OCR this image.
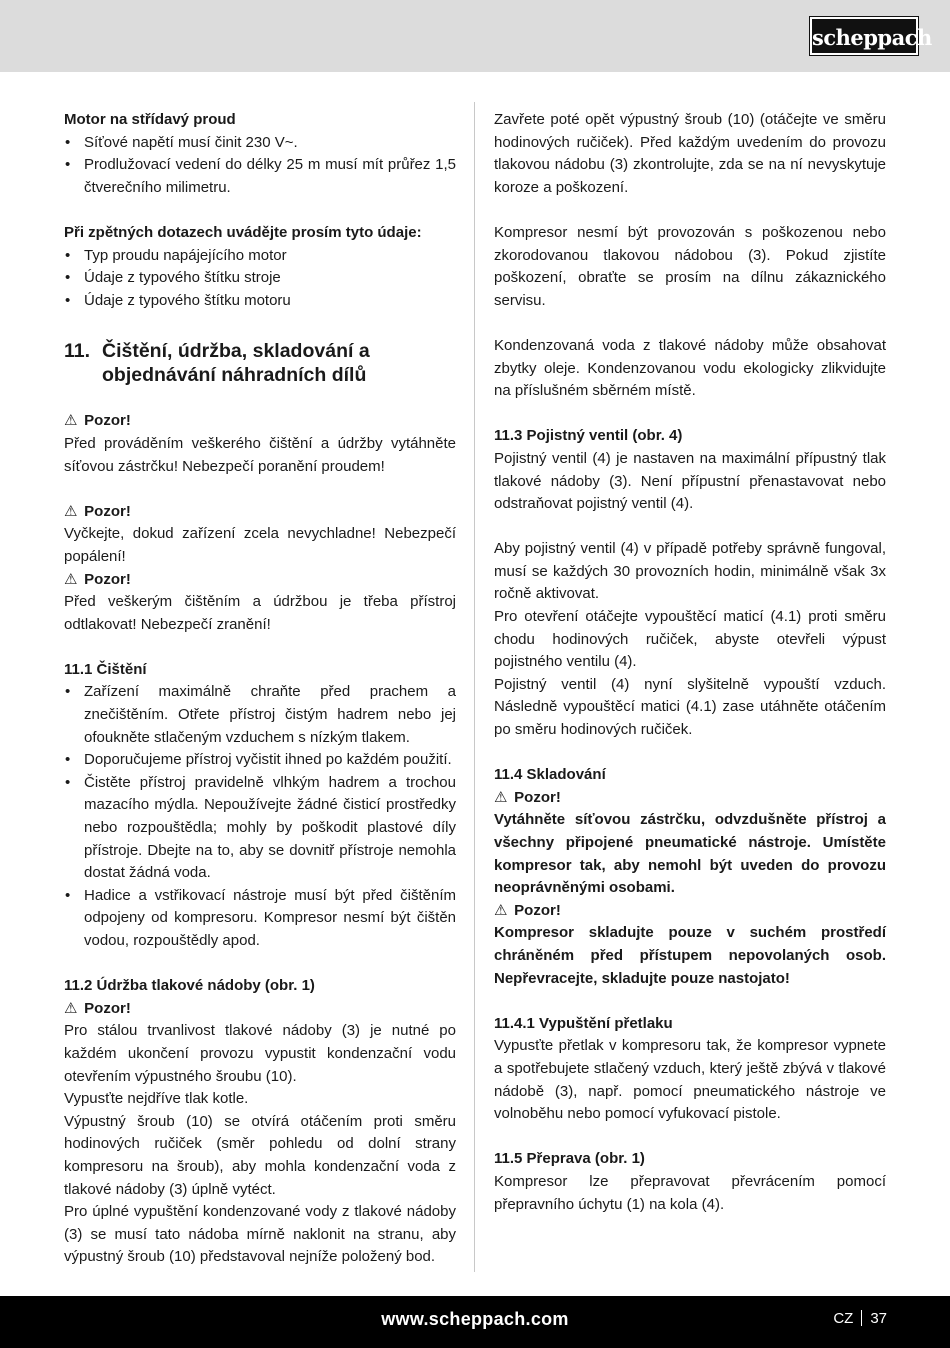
scheppach

Motor na střídavý proud

• Síťové napětí musí činit 230 V~.
• Prodlužovací vedení do délky 25 m musí mít průřez 1,5 čtverečního milimetru.

Při zpětných dotazech uvádějte prosím tyto údaje:

• Typ proudu napájejícího motor
• Údaje z typového štítku stroje
• Údaje z typového štítku motoru
11. Čištění, údržba, skladování a objednávání náhradních dílů

⚠ Pozor!

Před prováděním veškerého čištění a údržby vytáhněte síťovou zástrčku! Nebezpečí poranění proudem!

⚠ Pozor!

Vyčkejte, dokud zařízení zcela nevychladne! Nebezpečí popálení!

⚠ Pozor!

Před veškerým čištěním a údržbou je třeba přístroj odtlakovat! Nebezpečí zranění!

11.1 Čištění

• Zařízení maximálně chraňte před prachem a znečištěním. Otřete přístroj čistým hadrem nebo jej ofoukněte stlačeným vzduchem s nízkým tlakem.
• Doporučujeme přístroj vyčistit ihned po každém použití.
• Čistěte přístroj pravidelně vlhkým hadrem a trochou mazacího mýdla. Nepoužívejte žádné čisticí prostředky nebo rozpouštědla; mohly by poškodit plastové díly přístroje. Dbejte na to, aby se dovnitř přístroje nemohla dostat žádná voda.
• Hadice a vstřikovací nástroje musí být před čištěním odpojeny od kompresoru. Kompresor nesmí být čištěn vodou, rozpouštědly apod.

11.2 Údržba tlakové nádoby (obr. 1)

⚠ Pozor!

Pro stálou trvanlivost tlakové nádoby (3) je nutné po každém ukončení provozu vypustit kondenzační vodu otevřením výpustného šroubu (10).

Vypusťte nejdříve tlak kotle.

Výpustný šroub (10) se otvírá otáčením proti směru hodinových ručiček (směr pohledu od dolní strany kompresoru na šroub), aby mohla kondenzační voda z tlakové nádoby (3) úplně vytéct.

Pro úplné vypuštění kondenzované vody z tlakové nádoby (3) se musí tato nádoba mírně naklonit na stranu, aby výpustný šroub (10) představoval nejníže položený bod.

Zavřete poté opět výpustný šroub (10) (otáčejte ve směru hodinových ručiček). Před každým uvedením do provozu tlakovou nádobu (3) zkontrolujte, zda se na ní nevyskytuje koroze a poškození.

Kompresor nesmí být provozován s poškozenou nebo zkorodovanou tlakovou nádobou (3). Pokud zjistíte poškození, obraťte se prosím na dílnu zákaznického servisu.

Kondenzovaná voda z tlakové nádoby může obsahovat zbytky oleje. Kondenzovanou vodu ekologicky zlikvidujte na příslušném sběrném místě.

11.3 Pojistný ventil (obr. 4)

Pojistný ventil (4) je nastaven na maximální přípustný tlak tlakové nádoby (3). Není přípustní přenastavovat nebo odstraňovat pojistný ventil (4).

Aby pojistný ventil (4) v případě potřeby správně fungoval, musí se každých 30 provozních hodin, minimálně však 3x ročně aktivovat.

Pro otevření otáčejte vypouštěcí maticí (4.1) proti směru chodu hodinových ručiček, abyste otevřeli výpust pojistného ventilu (4).

Pojistný ventil (4) nyní slyšitelně vypouští vzduch. Následně vypouštěcí matici (4.1) zase utáhněte otáčením po směru hodinových ručiček.

11.4 Skladování

⚠ Pozor!

Vytáhněte síťovou zástrčku, odvzdušněte přístroj a všechny připojené pneumatické nástroje. Umístěte kompresor tak, aby nemohl být uveden do provozu neoprávněnými osobami.

⚠ Pozor!

Kompresor skladujte pouze v suchém prostředí chráněném před přístupem nepovolaných osob. Nepřevracejte, skladujte pouze nastojato!

11.4.1 Vypuštění přetlaku

Vypusťte přetlak v kompresoru tak, že kompresor vypnete a spotřebujete stlačený vzduch, který ještě zbývá v tlakové nádobě (3), např. pomocí pneumatického nástroje ve volnoběhu nebo pomocí vyfukovací pistole.

11.5 Přeprava (obr. 1)

Kompresor lze přepravovat převrácením pomocí přepravního úchytu (1) na kola (4).

www.scheppach.com	CZ 37
